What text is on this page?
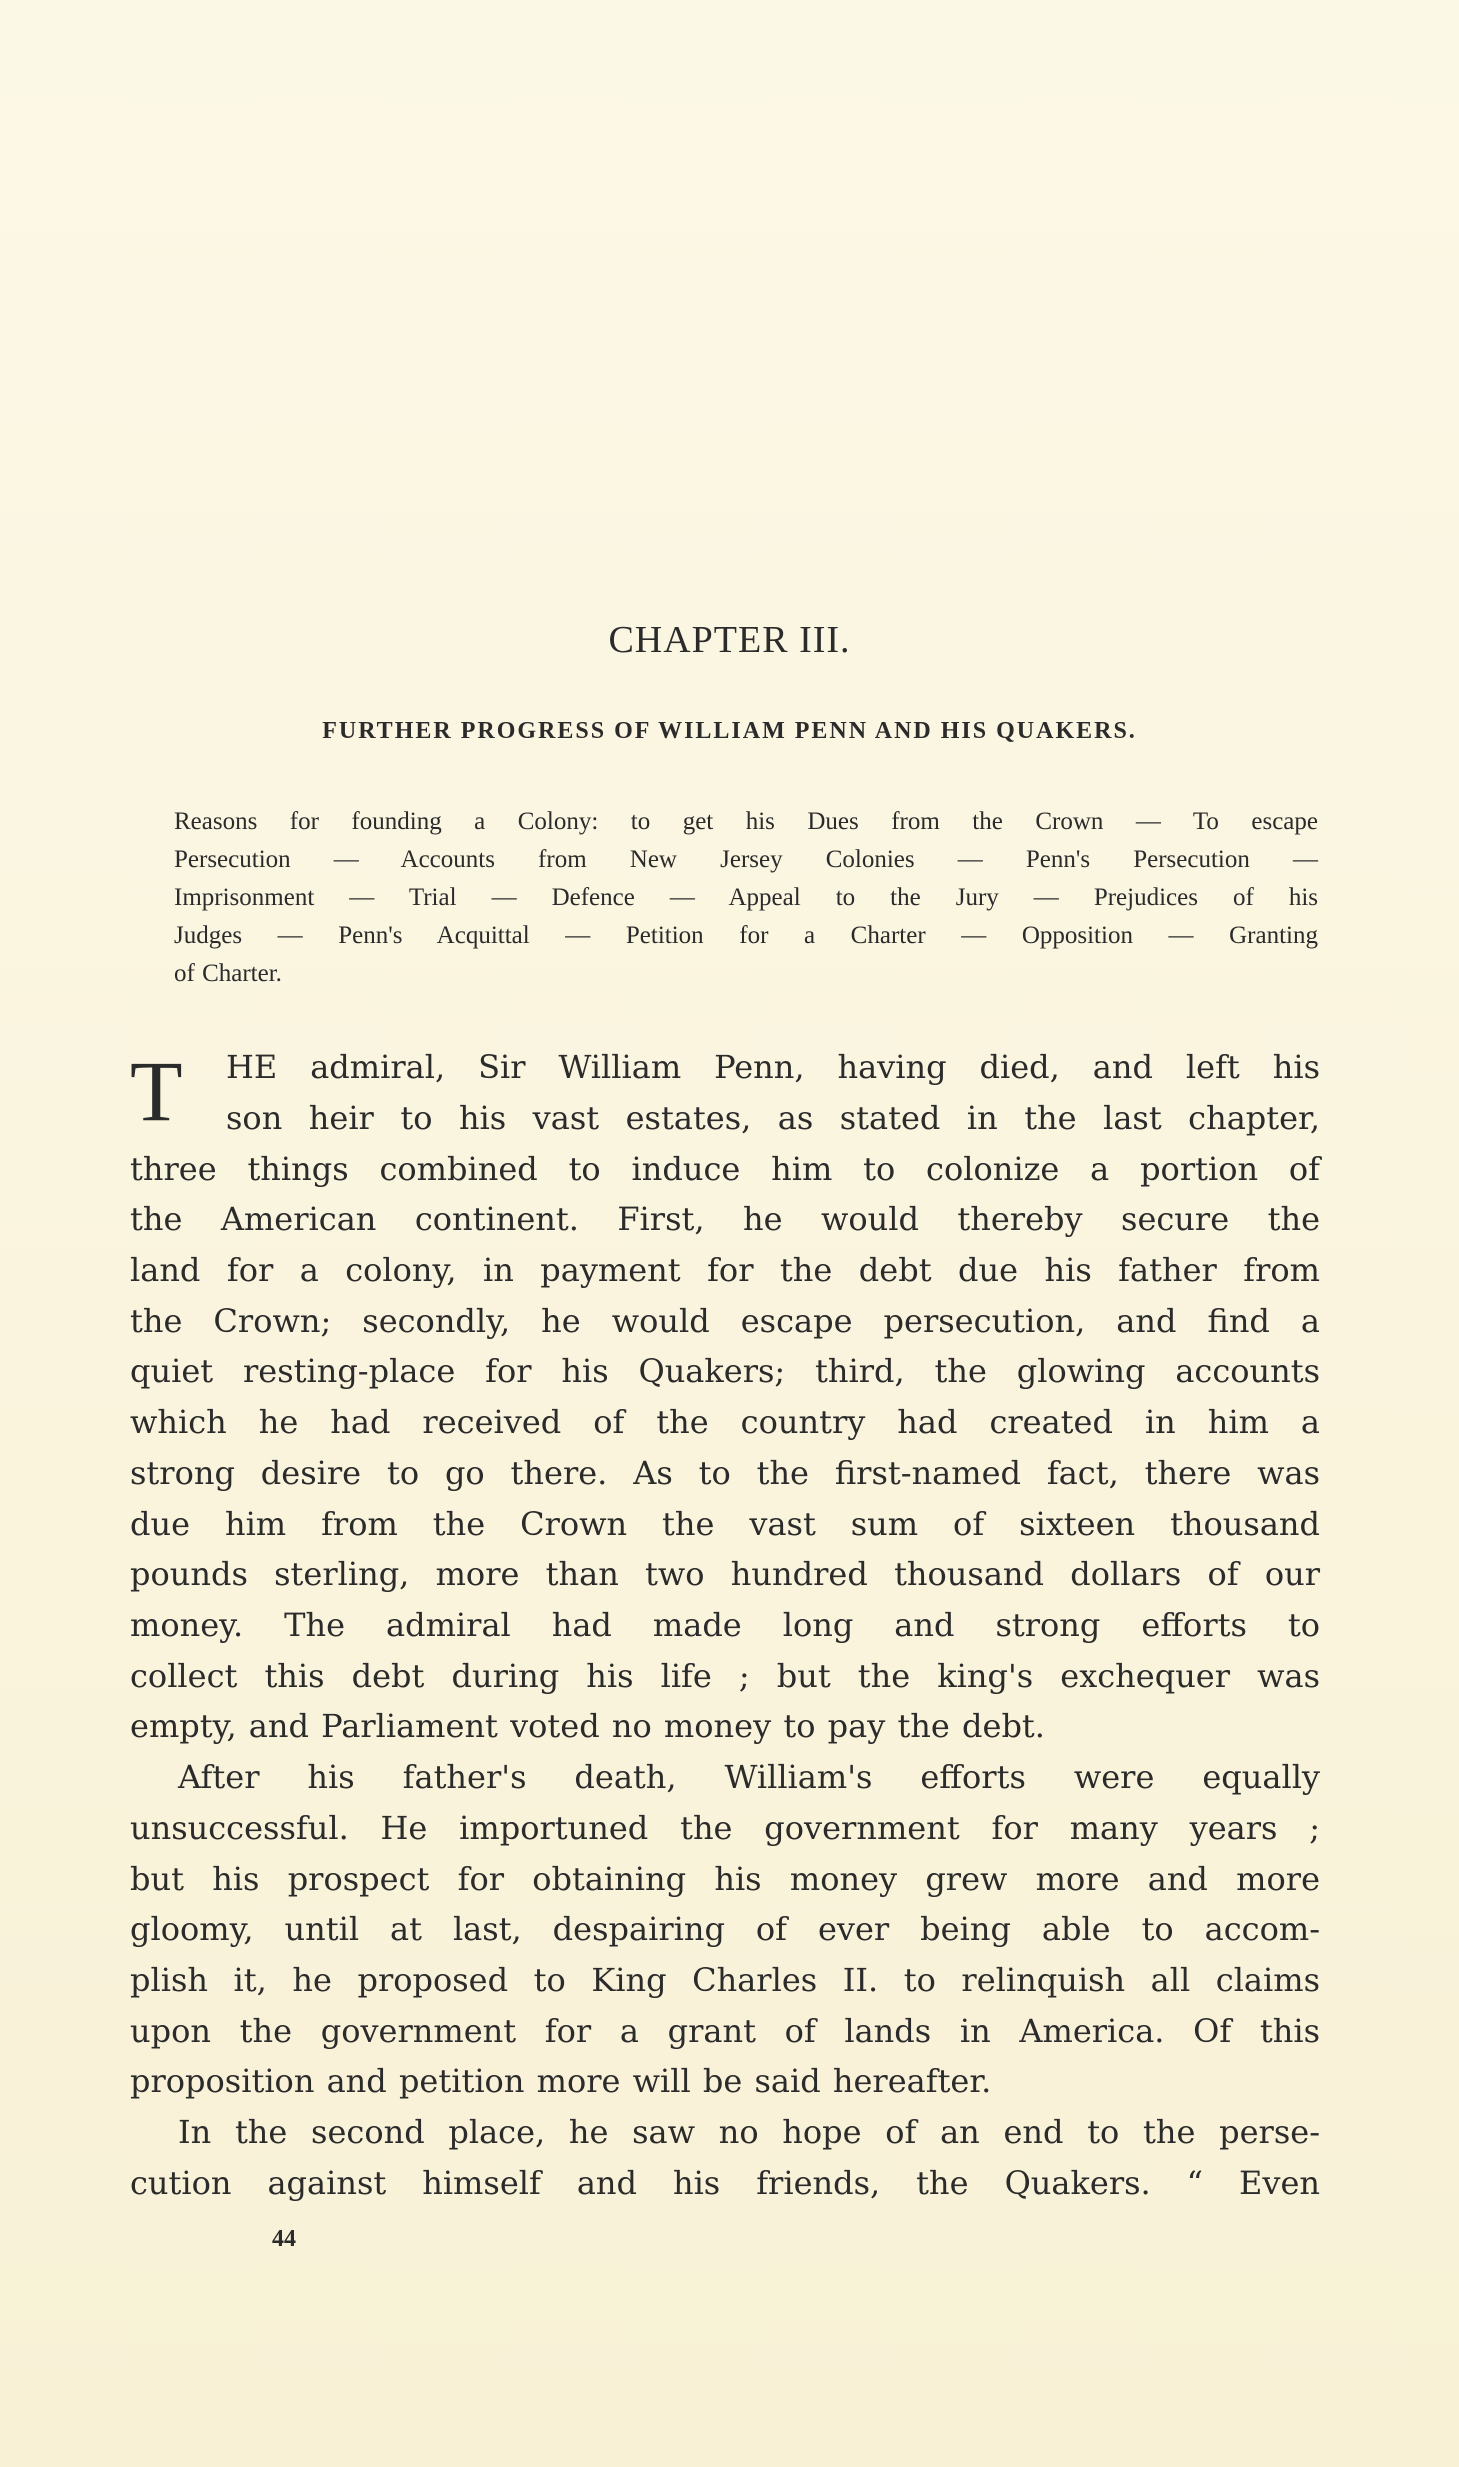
CHAPTER III.
FURTHER PROGRESS OF WILLIAM PENN AND HIS QUAKERS.
Reasons for founding a Colony: to get his Dues from the Crown — To escape
Persecution — Accounts from New Jersey Colonies — Penn's Persecution —
Imprisonment — Trial — Defence — Appeal to the Jury — Prejudices of his
Judges — Penn's Acquittal — Petition for a Charter — Opposition — Granting
of Charter.
T HE admiral, Sir William Penn, having died, and left his
son heir to his vast estates, as stated in the last chapter,
three things combined to induce him to colonize a portion of
the American continent. First, he would thereby secure the
land for a colony, in payment for the debt due his father from
the Crown; secondly, he would escape persecution, and find a
quiet resting-place for his Quakers; third, the glowing accounts
which he had received of the country had created in him a
strong desire to go there. As to the first-named fact, there was
due him from the Crown the vast sum of sixteen thousand
pounds sterling, more than two hundred thousand dollars of our
money. The admiral had made long and strong efforts to
collect this debt during his life ; but the king's exchequer was
empty, and Parliament voted no money to pay the debt.
After his father's death, William's efforts were equally
unsuccessful. He importuned the government for many years ;
but his prospect for obtaining his money grew more and more
gloomy, until at last, despairing of ever being able to accom-
plish it, he proposed to King Charles II. to relinquish all claims
upon the government for a grant of lands in America. Of this
proposition and petition more will be said hereafter.
In the second place, he saw no hope of an end to the perse-
cution against himself and his friends, the Quakers. “ Even
44
